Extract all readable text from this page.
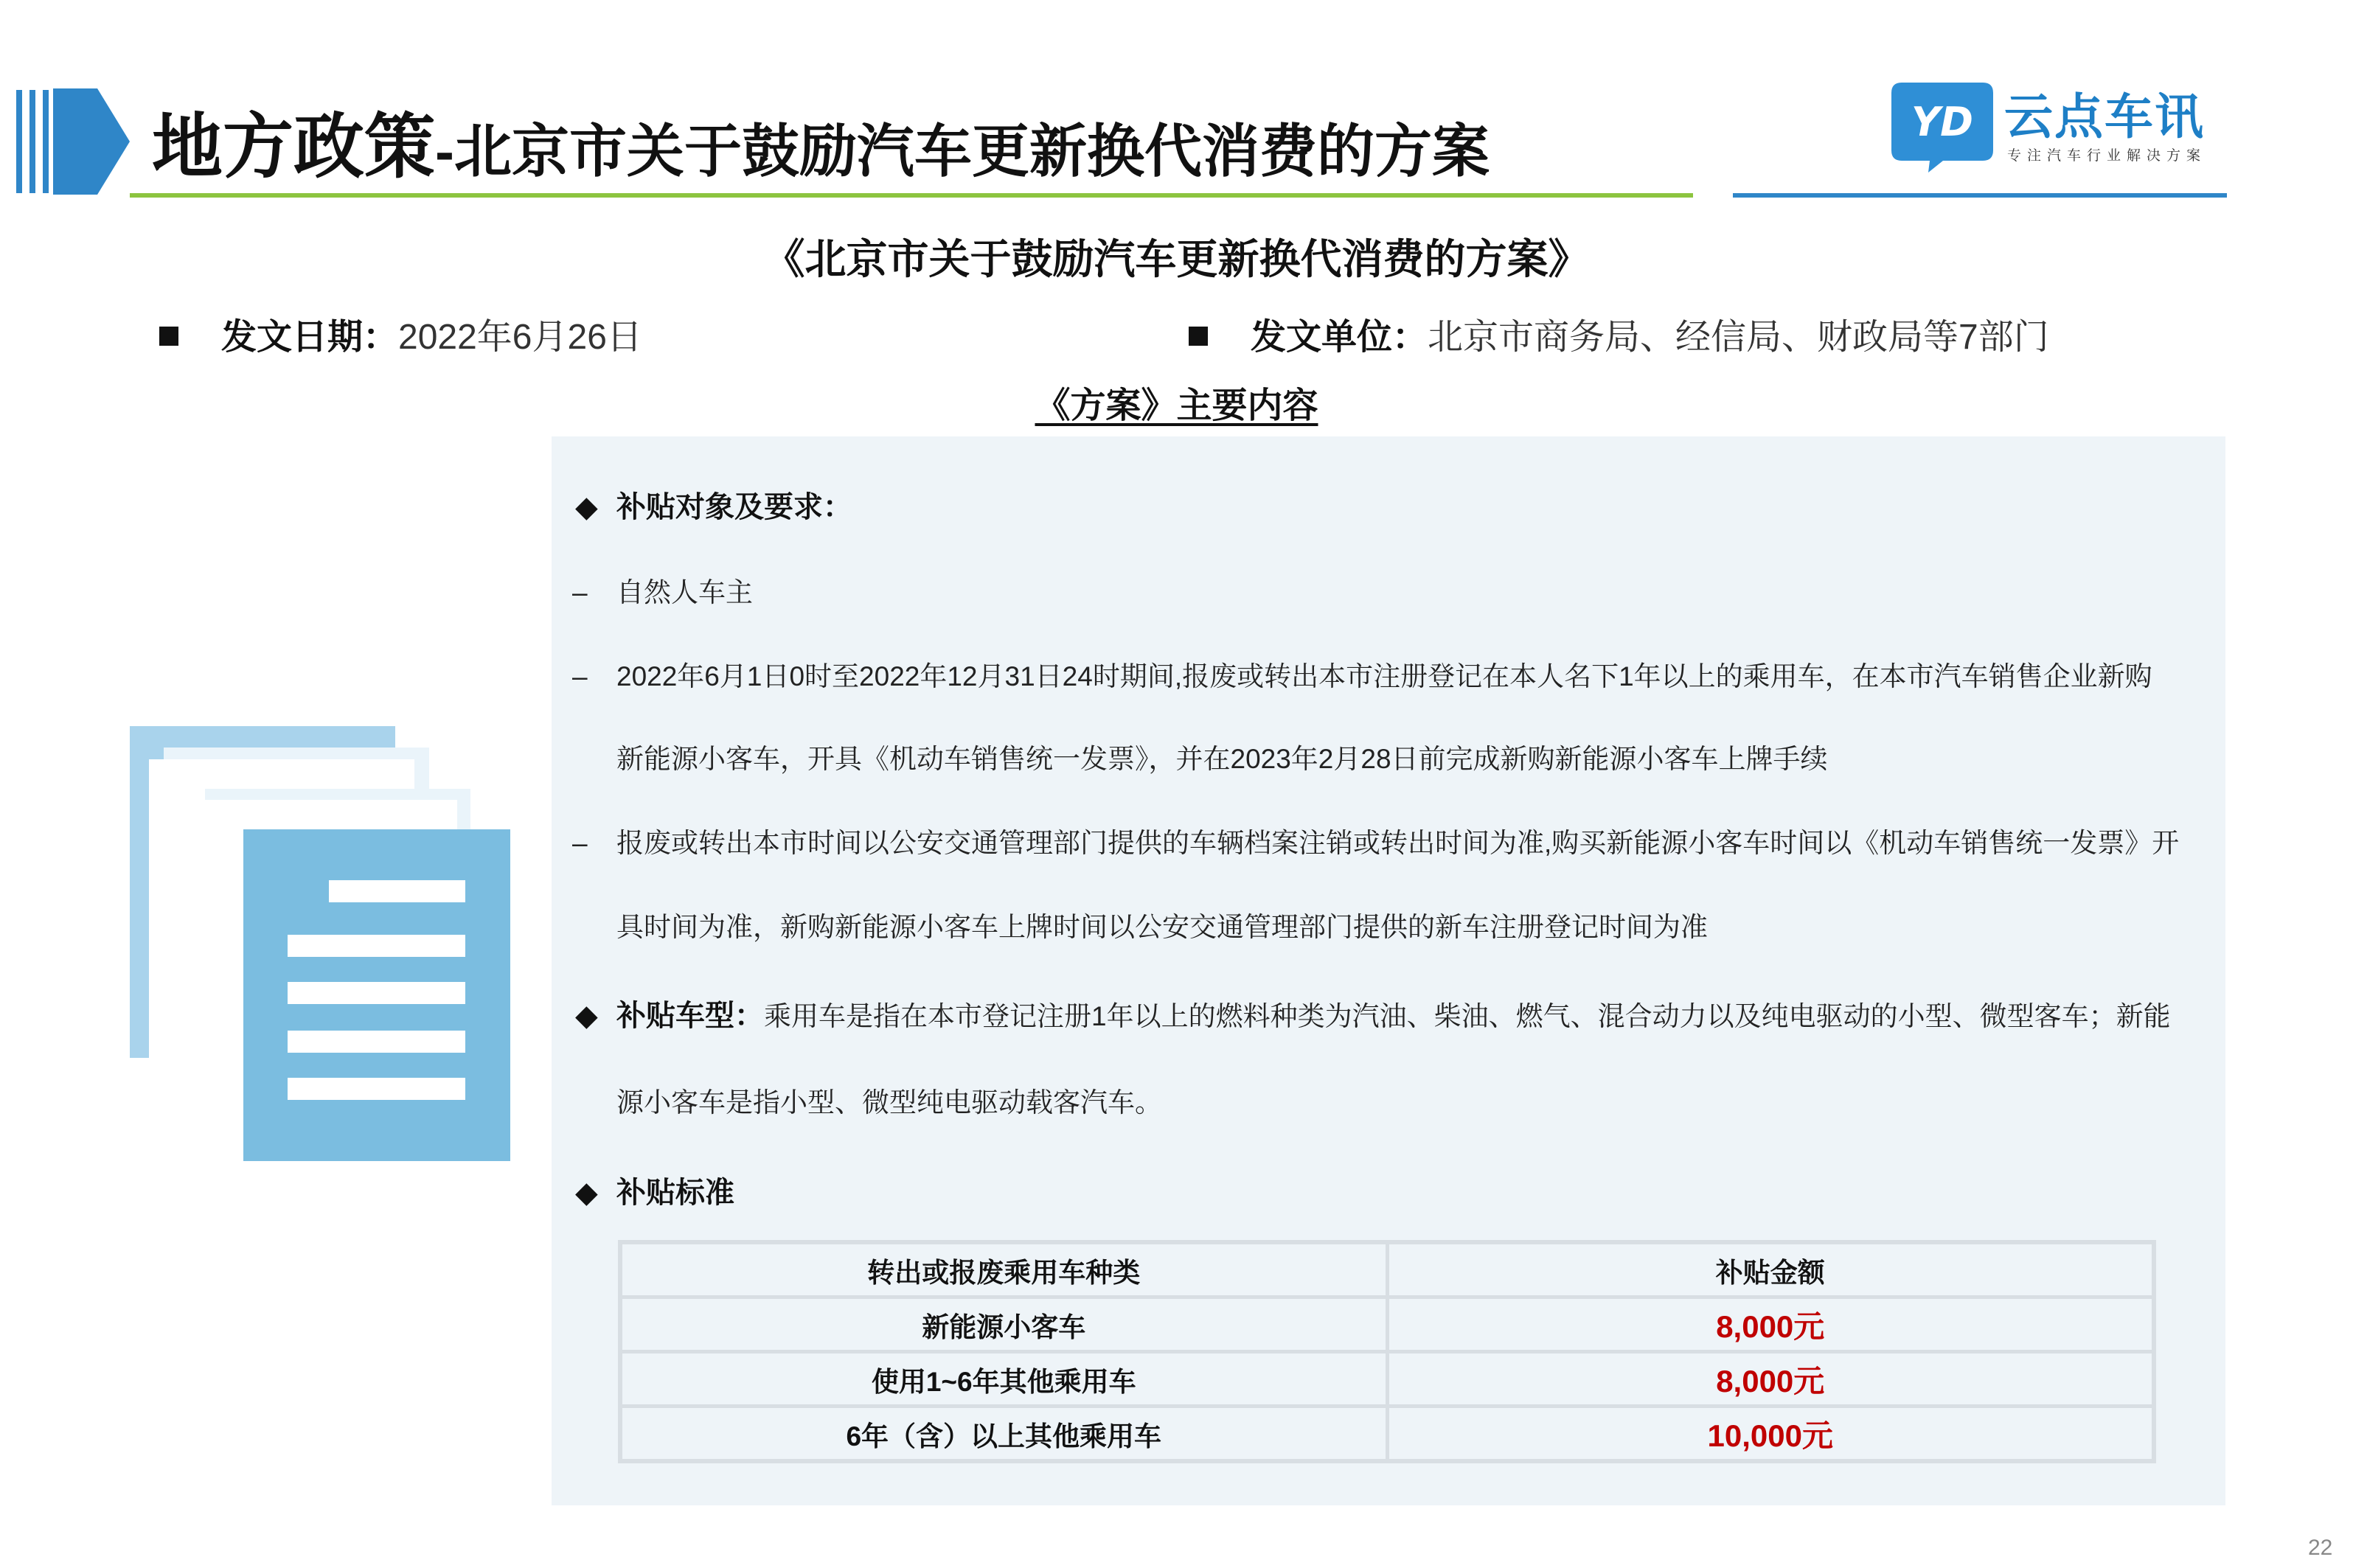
地方政策-北京市关于鼓励汽车更新换代消费的方案	YD 云点车讯
专注汽车行业解决方案
《北京市关于鼓励汽车更新换代消费的方案》
发文日期：2022年6月26日	发文单位：北京市商务局、经信局、财政局等7部门
《方案》主要内容
◆ 补贴对象及要求：
– 自然人车主
– 2022年6月1日0时至2022年12月31日24时期间,报废或转出本市注册登记在本人名下1年以上的乘用车，在本市汽车销售企业新购
新能源小客车，开具《机动车销售统一发票》，并在2023年2月28日前完成新购新能源小客车上牌手续
– 报废或转出本市时间以公安交通管理部门提供的车辆档案注销或转出时间为准,购买新能源小客车时间以《机动车销售统一发票》开
具时间为准，新购新能源小客车上牌时间以公安交通管理部门提供的新车注册登记时间为准
◆ 补贴车型：乘用车是指在本市登记注册1年以上的燃料种类为汽油、柴油、燃气、混合动力以及纯电驱动的小型、微型客车；新能
源小客车是指小型、微型纯电驱动载客汽车。
◆ 补贴标准
转出或报废乘用车种类	补贴金额
新能源小客车	8,000元
使用1~6年其他乘用车	8,000元
6年（含）以上其他乘用车	10,000元
22
